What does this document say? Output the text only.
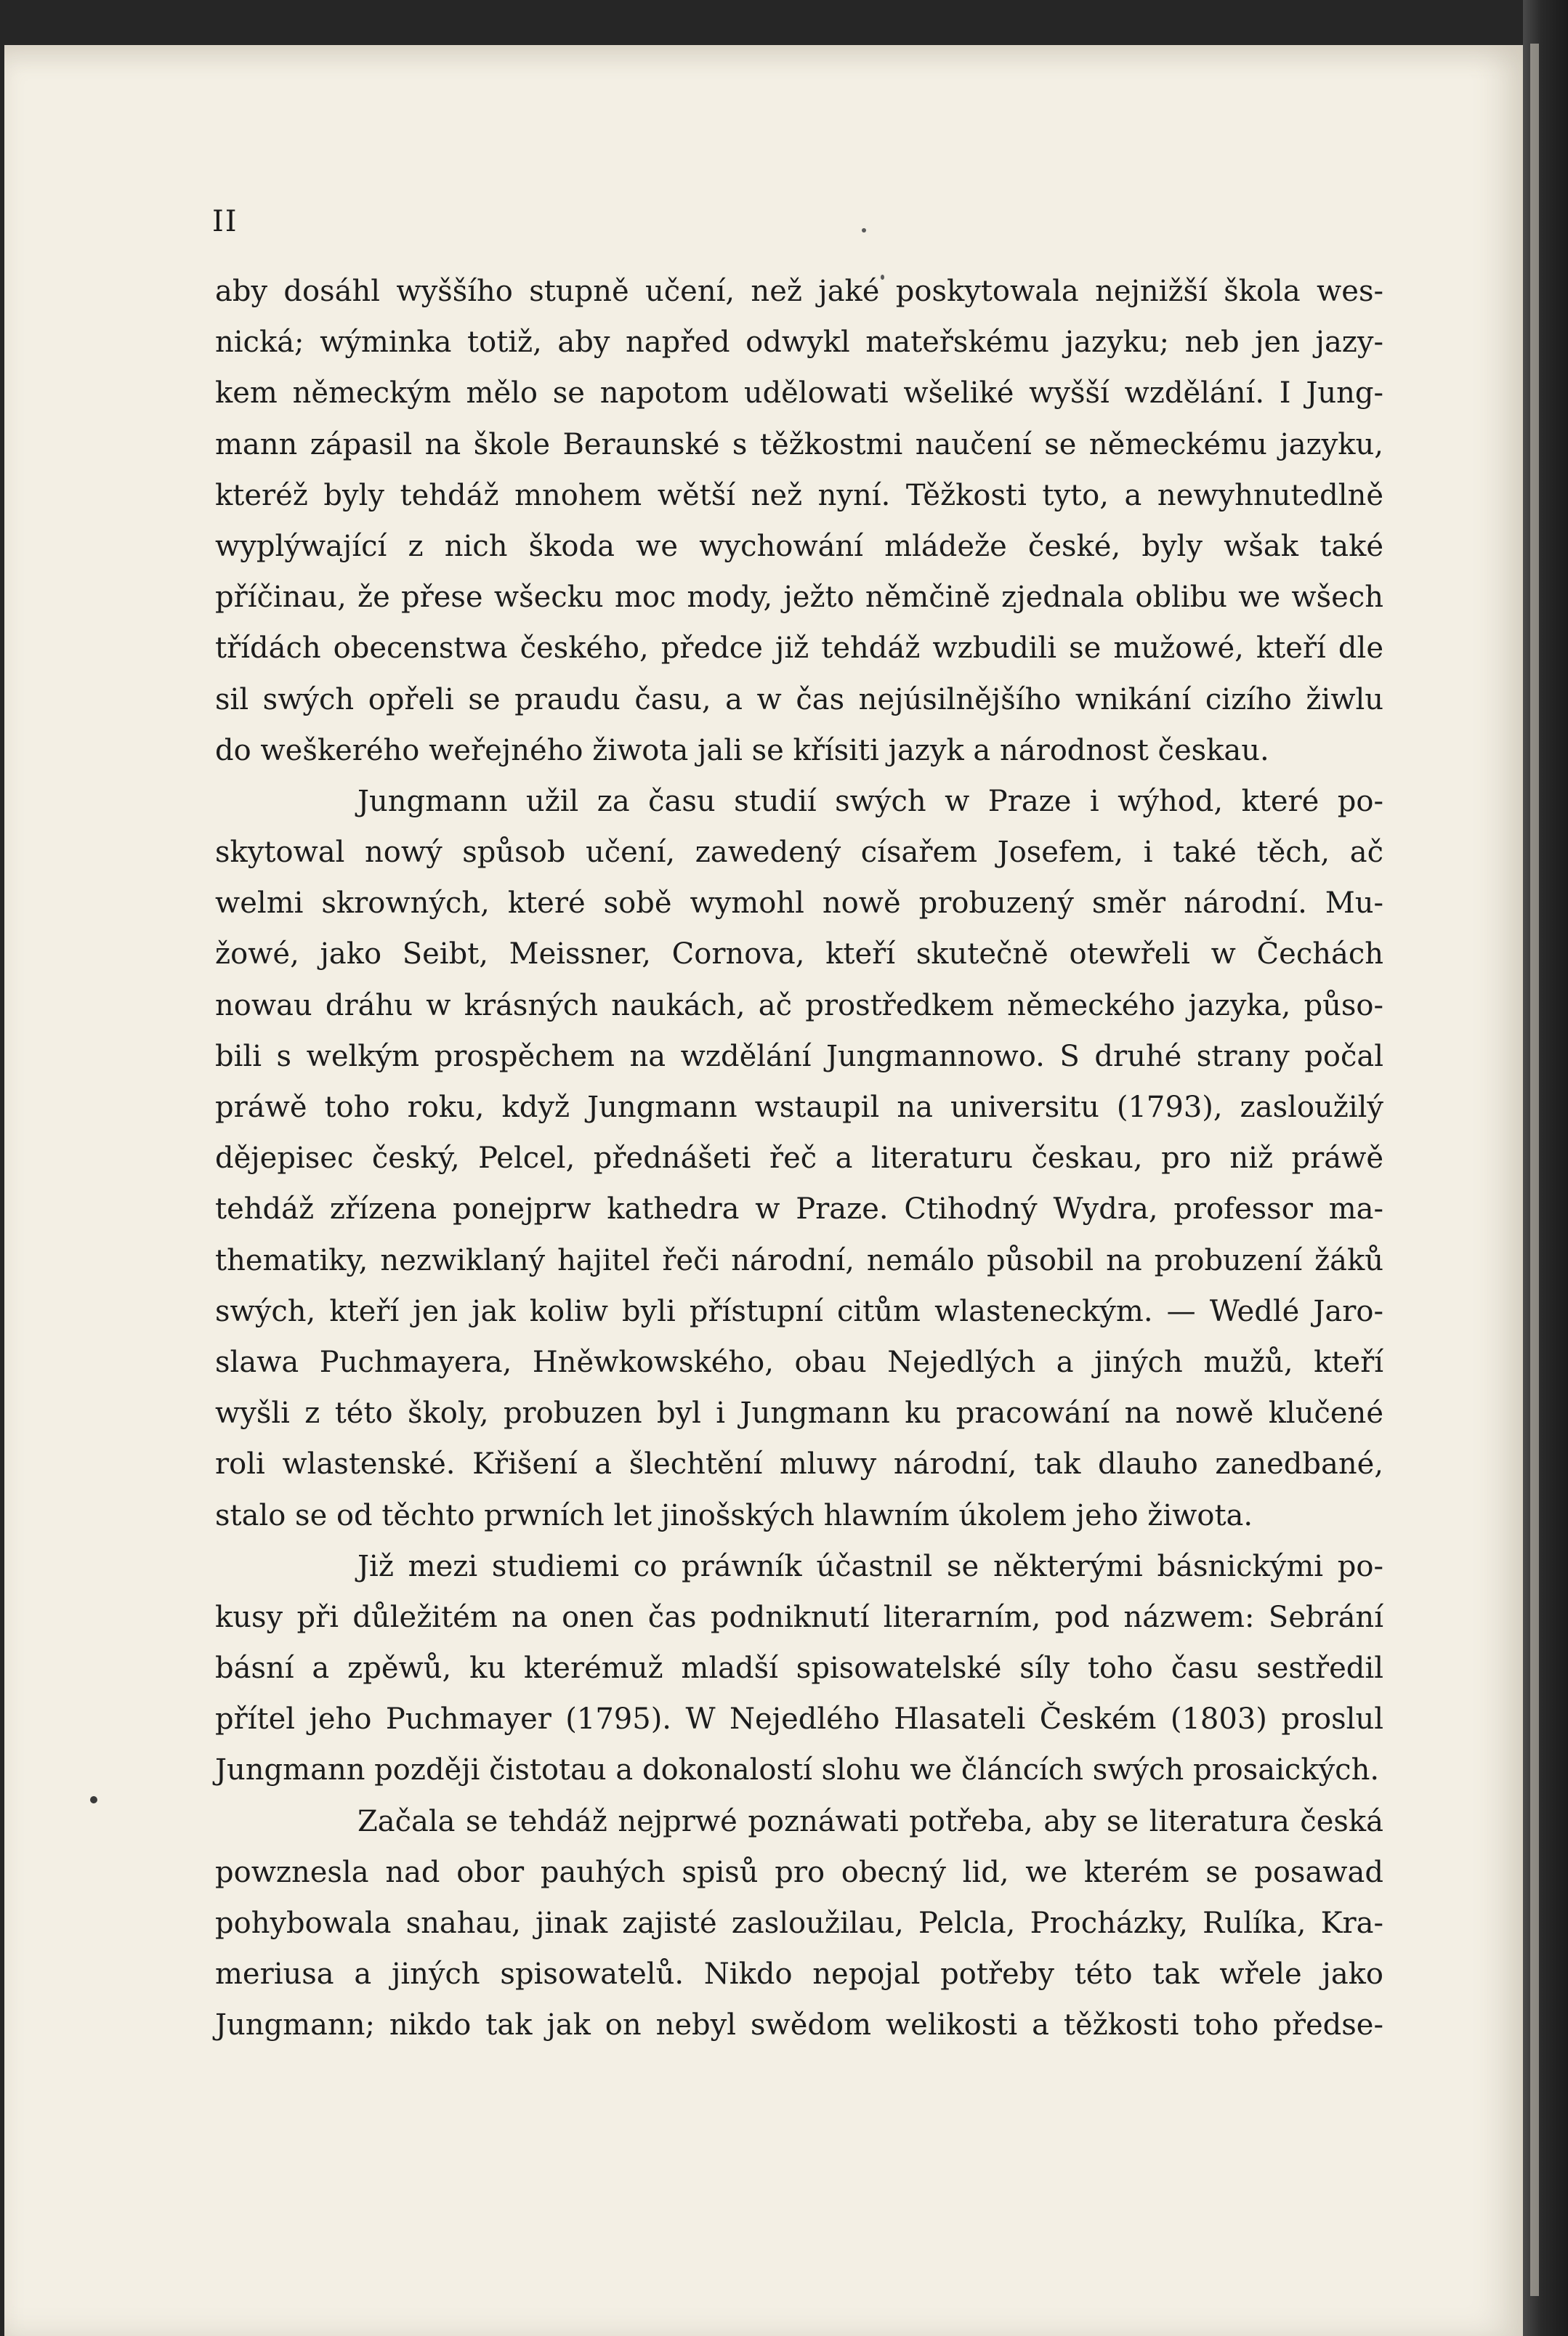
II
aby dosáhl wyššího stupně učení, než jaké poskytowala nejnižší škola wes-
nická; wýminka totiž, aby napřed odwykl mateřskému jazyku; neb jen jazy-
kem německým mělo se napotom udělowati wšeliké wyšší wzdělání. I Jung-
mann zápasil na škole Beraunské s těžkostmi naučení se německému jazyku,
kteréž byly tehdáž mnohem wětší než nyní. Těžkosti tyto, a newyhnutedlně
wyplýwající z nich škoda we wychowání mládeže české, byly wšak také
příčinau, že přese wšecku moc mody, ježto němčině zjednala oblibu we wšech
třídách obecenstwa českého, předce již tehdáž wzbudili se mužowé, kteří dle
sil swých opřeli se praudu času, a w čas nejúsilnějšího wnikání cizího žiwlu
do weškerého weřejného žiwota jali se křísiti jazyk a národnost českau.
Jungmann užil za času studií swých w Praze i wýhod, které po-
skytowal nowý spůsob učení, zawedený císařem Josefem, i také těch, ač
welmi skrowných, které sobě wymohl nowě probuzený směr národní. Mu-
žowé, jako Seibt, Meissner, Cornova, kteří skutečně otewřeli w Čechách
nowau dráhu w krásných naukách, ač prostředkem německého jazyka, půso-
bili s welkým prospěchem na wzdělání Jungmannowo. S druhé strany počal
práwě toho roku, když Jungmann wstaupil na universitu (1793), zasloužilý
dějepisec český, Pelcel, přednášeti řeč a literaturu českau, pro niž práwě
tehdáž zřízena ponejprw kathedra w Praze. Ctihodný Wydra, professor ma-
thematiky, nezwiklaný hajitel řeči národní, nemálo působil na probuzení žáků
swých, kteří jen jak koliw byli přístupní citům wlasteneckým. — Wedlé Jaro-
slawa Puchmayera, Hněwkowského, obau Nejedlých a jiných mužů, kteří
wyšli z této školy, probuzen byl i Jungmann ku pracowání na nowě klučené
roli wlastenské. Křišení a šlechtění mluwy národní, tak dlauho zanedbané,
stalo se od těchto prwních let jinošských hlawním úkolem jeho žiwota.
Již mezi studiemi co práwník účastnil se některými básnickými po-
kusy při důležitém na onen čas podniknutí literarním, pod názwem: Sebrání
básní a zpěwů, ku kterémuž mladší spisowatelské síly toho času sestředil
přítel jeho Puchmayer (1795). W Nejedlého Hlasateli Českém (1803) proslul
Jungmann později čistotau a dokonalostí slohu we článcích swých prosaických.
Začala se tehdáž nejprwé poznáwati potřeba, aby se literatura česká
powznesla nad obor pauhých spisů pro obecný lid, we kterém se posawad
pohybowala snahau, jinak zajisté zasloužilau, Pelcla, Procházky, Rulíka, Kra-
meriusa a jiných spisowatelů. Nikdo nepojal potřeby této tak wřele jako
Jungmann; nikdo tak jak on nebyl swědom welikosti a těžkosti toho předse-
